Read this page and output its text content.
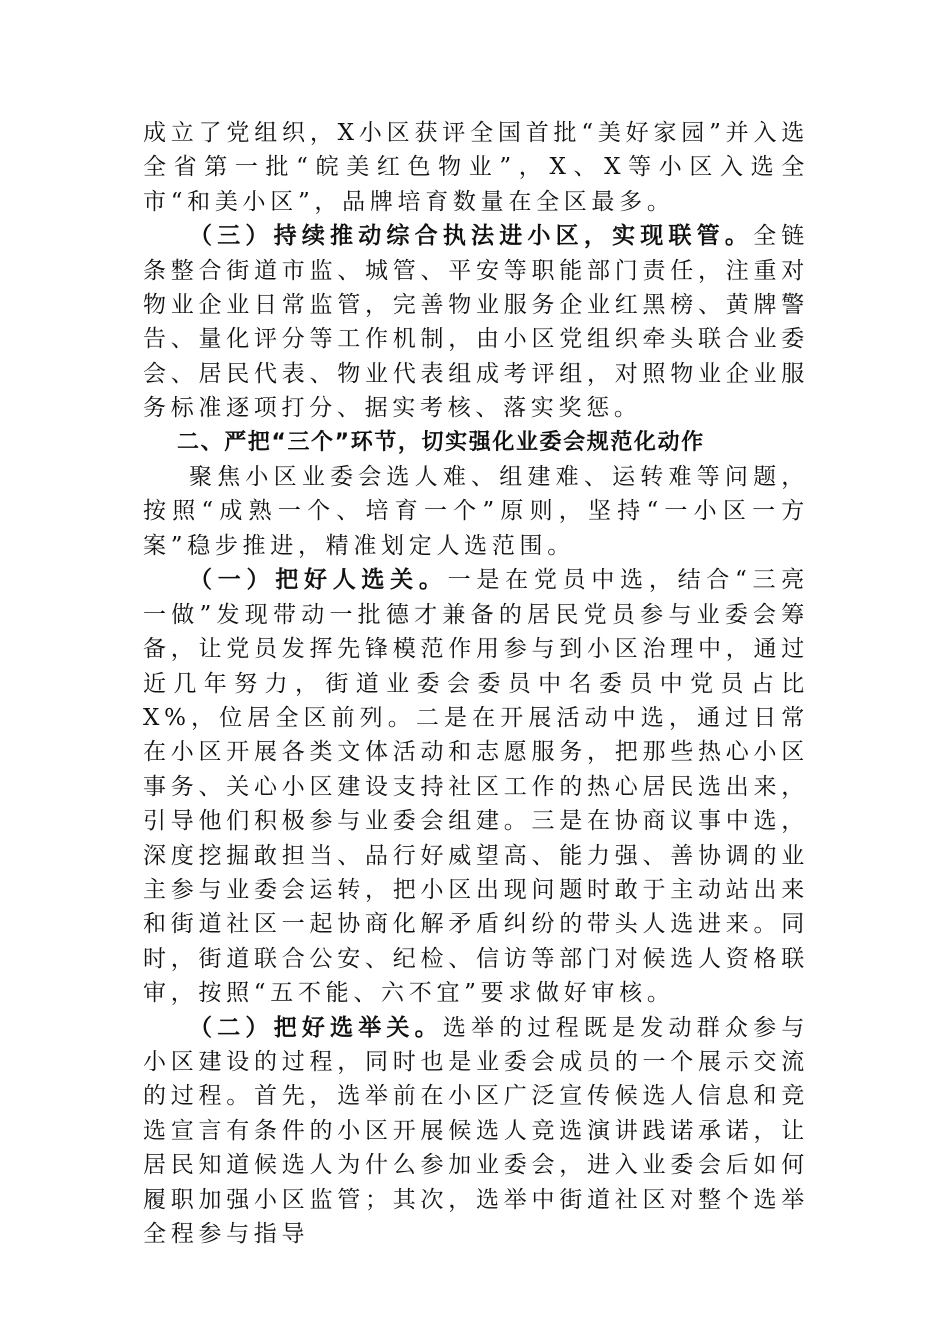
成立了党组织，X小区获评全国首批“美好家园”并入选全省第一批“皖美红色物业”，X、X等小区入选全市“和美小区”，品牌培育数量在全区最多。

（三）持续推动综合执法进小区，实现联管。全链条整合街道市监、城管、平安等职能部门责任，注重对物业企业日常监管，完善物业服务企业红黑榜、黄牌警告、量化评分等工作机制，由小区党组织牵头联合业委会、居民代表、物业代表组成考评组，对照物业企业服务标准逐项打分、据实考核、落实奖惩。

二、严把“三个”环节，切实强化业委会规范化动作

聚焦小区业委会选人难、组建难、运转难等问题，按照“成熟一个、培育一个”原则，坚持“一小区一方案”稳步推进，精准划定人选范围。

（一）把好人选关。一是在党员中选，结合“三亮一做”发现带动一批德才兼备的居民党员参与业委会筹备，让党员发挥先锋模范作用参与到小区治理中，通过近几年努力，街道业委会委员中名委员中党员占比X%，位居全区前列。二是在开展活动中选，通过日常在小区开展各类文体活动和志愿服务，把那些热心小区事务、关心小区建设支持社区工作的热心居民选出来，引导他们积极参与业委会组建。三是在协商议事中选，深度挖掘敢担当、品行好威望高、能力强、善协调的业主参与业委会运转，把小区出现问题时敢于主动站出来和街道社区一起协商化解矛盾纠纷的带头人选进来。同时，街道联合公安、纪检、信访等部门对候选人资格联审，按照“五不能、六不宜”要求做好审核。

（二）把好选举关。选举的过程既是发动群众参与小区建设的过程，同时也是业委会成员的一个展示交流的过程。首先，选举前在小区广泛宣传候选人信息和竞选宣言有条件的小区开展候选人竞选演讲践诺承诺，让居民知道候选人为什么参加业委会，进入业委会后如何履职加强小区监管；其次，选举中街道社区对整个选举全程参与指导
